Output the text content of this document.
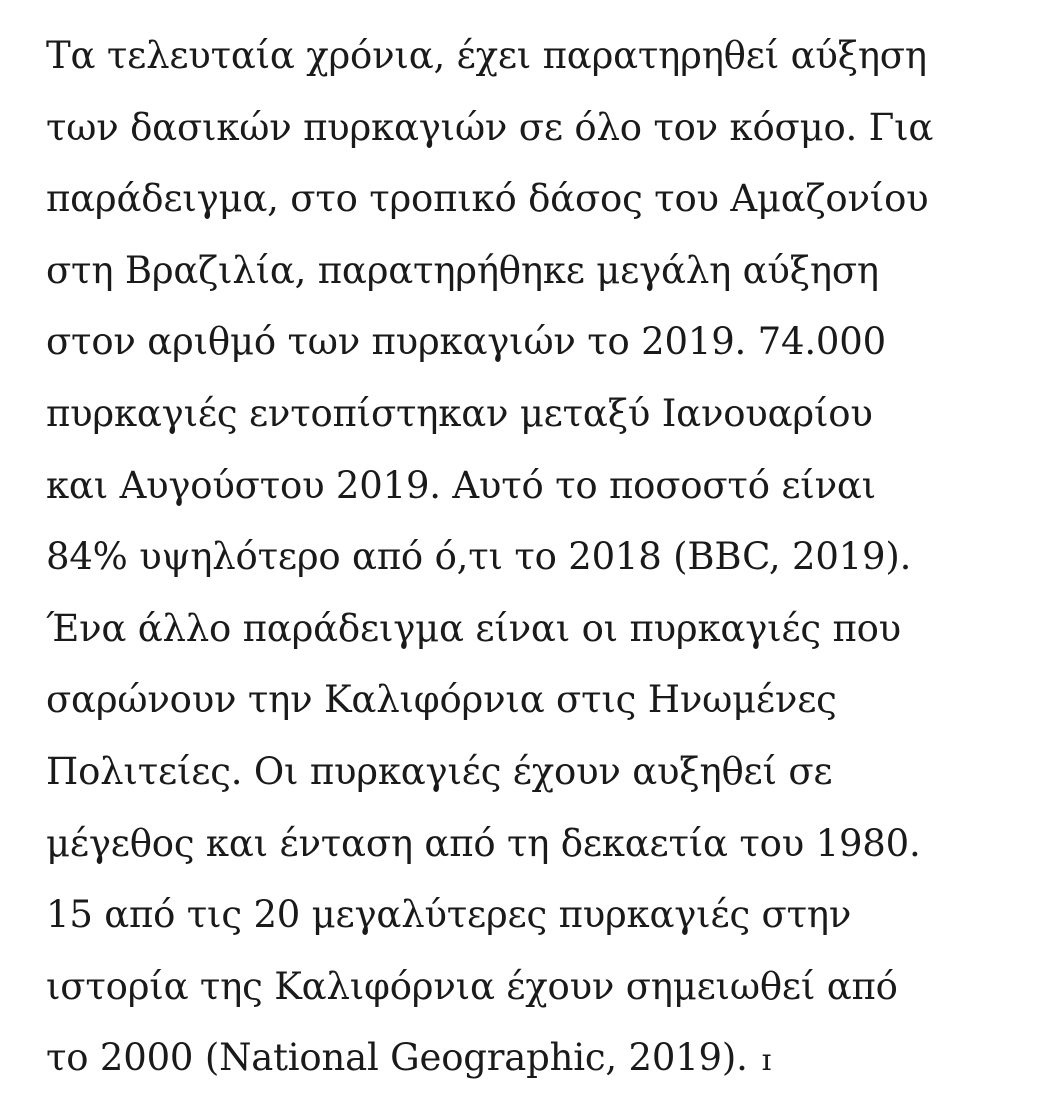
Τα τελευταία χρόνια, έχει παρατηρηθεί αύξηση
των δασικών πυρκαγιών σε όλο τον κόσμο. Για
παράδειγμα, στο τροπικό δάσος του Αμαζονίου
στη Βραζιλία, παρατηρήθηκε μεγάλη αύξηση
στον αριθμό των πυρκαγιών το 2019. 74.000
πυρκαγιές εντοπίστηκαν μεταξύ Ιανουαρίου
και Αυγούστου 2019. Αυτό το ποσοστό είναι
84% υψηλότερο από ό,τι το 2018 (BBC, 2019).
Ένα άλλο παράδειγμα είναι οι πυρκαγιές που
σαρώνουν την Καλιφόρνια στις Ηνωμένες
Πολιτείες. Οι πυρκαγιές έχουν αυξηθεί σε
μέγεθος και ένταση από τη δεκαετία του 1980.
15 από τις 20 μεγαλύτερες πυρκαγιές στην
ιστορία της Καλιφόρνια έχουν σημειωθεί από
το 2000 (National Geographic, 2019). ɪ
